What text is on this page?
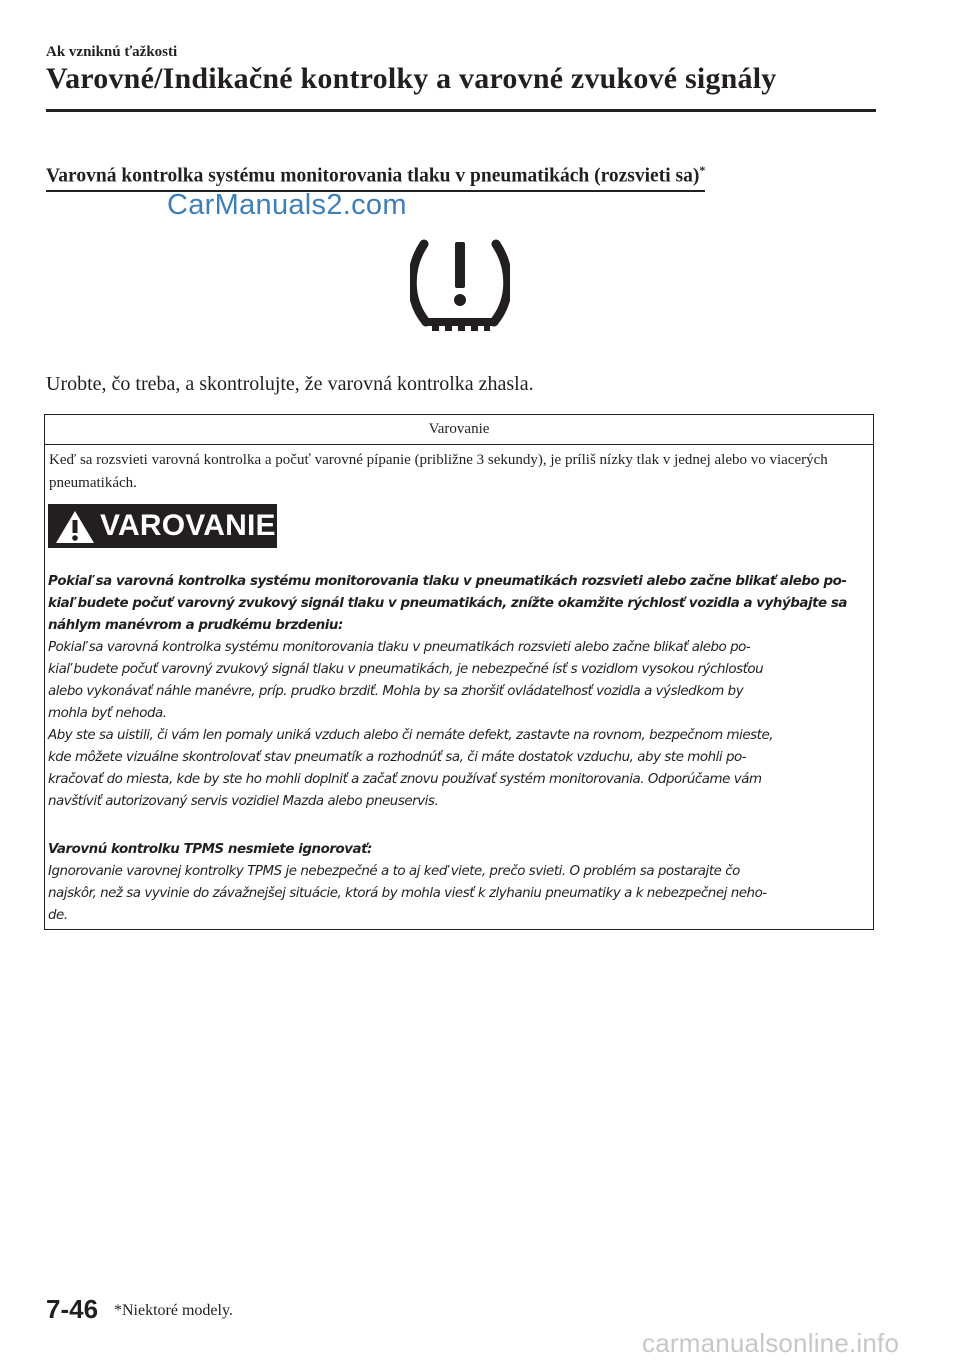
Ak vzniknú ťažkosti
Varovné/Indikačné kontrolky a varovné zvukové signály
Varovná kontrolka systému monitorovania tlaku v pneumatikách (rozsvieti sa)*
CarManuals2.com
Urobte, čo treba, a skontrolujte, že varovná kontrolka zhasla.
Varovanie
Keď sa rozsvieti varovná kontrolka a počuť varovné pípanie (približne 3 sekundy), je príliš nízky tlak v jednej alebo vo viacerých pneumatikách.
VAROVANIE
Pokiaľ sa varovná kontrolka systému monitorovania tlaku v pneumatikách rozsvieti alebo začne blikať alebo po-
kiaľ budete počuť varovný zvukový signál tlaku v pneumatikách, znížte okamžite rýchlosť vozidla a vyhýbajte sa
náhlym manévrom a prudkému brzdeniu:
Pokiaľ sa varovná kontrolka systému monitorovania tlaku v pneumatikách rozsvieti alebo začne blikať alebo po-
kiaľ budete počuť varovný zvukový signál tlaku v pneumatikách, je nebezpečné ísť s vozidlom vysokou rýchlosťou
alebo vykonávať náhle manévre, príp. prudko brzdiť. Mohla by sa zhoršiť ovládateľnosť vozidla a výsledkom by
mohla byť nehoda.
Aby ste sa uistili, či vám len pomaly uniká vzduch alebo či nemáte defekt, zastavte na rovnom, bezpečnom mieste,
kde môžete vizuálne skontrolovať stav pneumatík a rozhodnúť sa, či máte dostatok vzduchu, aby ste mohli po-
kračovať do miesta, kde by ste ho mohli doplniť a začať znovu používať systém monitorovania. Odporúčame vám
navštíviť autorizovaný servis vozidiel Mazda alebo pneuservis.
Varovnú kontrolku TPMS nesmiete ignorovať:
Ignorovanie varovnej kontrolky TPMS je nebezpečné a to aj keď viete, prečo svieti. O problém sa postarajte čo
najskôr, než sa vyvinie do závažnejšej situácie, ktorá by mohla viesť k zlyhaniu pneumatiky a k nebezpečnej neho-
de.
7-46 *Niektoré modely.
carmanualsonline.info
